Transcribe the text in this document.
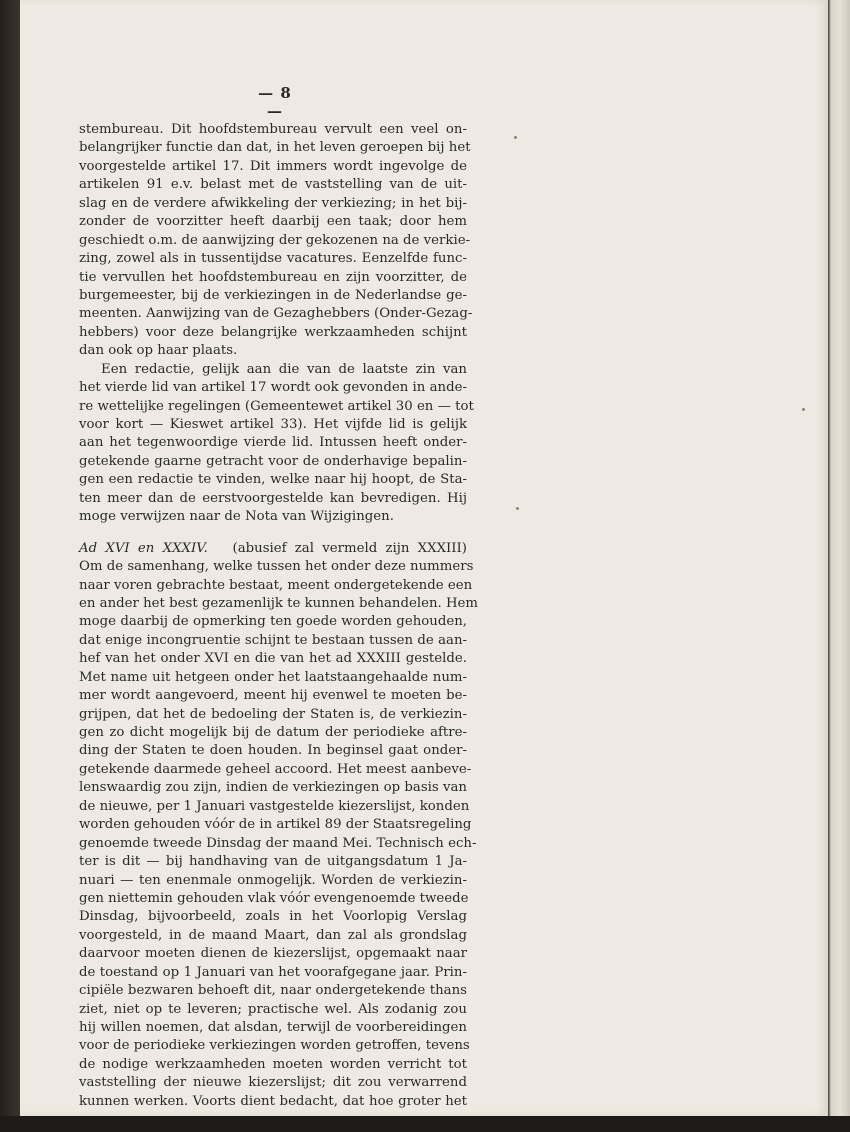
— 8 —
stembureau. Dit hoofdstembureau vervult een veel on-
belangrijker functie dan dat, in het leven geroepen bij het
voorgestelde artikel 17. Dit immers wordt ingevolge de
artikelen 91 e.v. belast met de vaststelling van de uit-
slag en de verdere afwikkeling der verkiezing; in het bij-
zonder de voorzitter heeft daarbij een taak; door hem
geschiedt o.m. de aanwijzing der gekozenen na de verkie-
zing, zowel als in tussentijdse vacatures. Eenzelfde func-
tie vervullen het hoofdstembureau en zijn voorzitter, de
burgemeester, bij de verkiezingen in de Nederlandse ge-
meenten. Aanwijzing van de Gezaghebbers (Onder-Gezag-
hebbers) voor deze belangrijke werkzaamheden schijnt
dan ook op haar plaats.
Een redactie, gelijk aan die van de laatste zin van
het vierde lid van artikel 17 wordt ook gevonden in ande-
re wettelijke regelingen (Gemeentewet artikel 30 en — tot
voor kort — Kieswet artikel 33). Het vijfde lid is gelijk
aan het tegenwoordige vierde lid. Intussen heeft onder-
getekende gaarne getracht voor de onderhavige bepalin-
gen een redactie te vinden, welke naar hij hoopt, de Sta-
ten meer dan de eerstvoorgestelde kan bevredigen. Hij
moge verwijzen naar de Nota van Wijzigingen.
Ad XVI en XXXIV. (abusief zal vermeld zijn XXXIII)
Om de samenhang, welke tussen het onder deze nummers
naar voren gebrachte bestaat, meent ondergetekende een
en ander het best gezamenlijk te kunnen behandelen. Hem
moge daarbij de opmerking ten goede worden gehouden,
dat enige incongruentie schijnt te bestaan tussen de aan-
hef van het onder XVI en die van het ad XXXIII gestelde.
Met name uit hetgeen onder het laatstaangehaalde num-
mer wordt aangevoerd, meent hij evenwel te moeten be-
grijpen, dat het de bedoeling der Staten is, de verkiezin-
gen zo dicht mogelijk bij de datum der periodieke aftre-
ding der Staten te doen houden. In beginsel gaat onder-
getekende daarmede geheel accoord. Het meest aanbeve-
lenswaardig zou zijn, indien de verkiezingen op basis van
de nieuwe, per 1 Januari vastgestelde kiezerslijst, konden
worden gehouden vóór de in artikel 89 der Staatsregeling
genoemde tweede Dinsdag der maand Mei. Technisch ech-
ter is dit — bij handhaving van de uitgangsdatum 1 Ja-
nuari — ten enenmale onmogelijk. Worden de verkiezin-
gen niettemin gehouden vlak vóór evengenoemde tweede
Dinsdag, bijvoorbeeld, zoals in het Voorlopig Verslag
voorgesteld, in de maand Maart, dan zal als grondslag
daarvoor moeten dienen de kiezerslijst, opgemaakt naar
de toestand op 1 Januari van het voorafgegane jaar. Prin-
cipiële bezwaren behoeft dit, naar ondergetekende thans
ziet, niet op te leveren; practische wel. Als zodanig zou
hij willen noemen, dat alsdan, terwijl de voorbereidingen
voor de periodieke verkiezingen worden getroffen, tevens
de nodige werkzaamheden moeten worden verricht tot
vaststelling der nieuwe kiezerslijst; dit zou verwarrend
kunnen werken. Voorts dient bedacht, dat hoe groter het
